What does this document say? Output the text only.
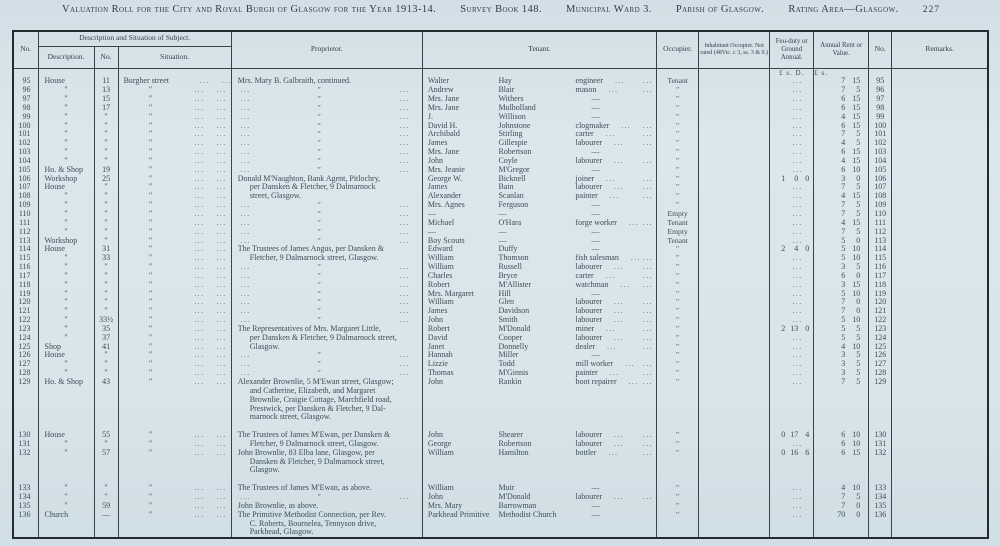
Valuation Roll for the City and Royal Burgh of Glasgow for the Year 1913-14. Survey Book 148. Municipal Ward 3. Parish of Glasgow. Rating Area—Glasgow.	227
No.	Description and Situation of Subject.			Proprietor.	Tenant.			Occupier.	Inhabitant Occupier. Not rated (48Vic. c 3, ss. 3 & 9.)	Feu-duty or Ground Annual.	Annual Rent or Value.	No.	Remarks.
	Description.	No.	Situation.										
										£ s. D.	£ s.		
95	House	11	Burgher street ... ...	Mrs. Mary B. Galbraith, continued.	Walter	Hay	engineer ... ...	Tenant		...	7 15	95	
96	″	13	″ ... ...	... ″ ...	Andrew	Blair	mason ... ...	″		...	7 5	96	
97	″	15	″ ... ...	... ″ ...	Mrs. Jane	Withers	—	″		...	6 15	97	
98	″	17	″ ... ...	... ″ ...	Mrs. Jane	Mulholland	—	″		...	6 15	98	
99	″	″	″ ... ...	... ″ ...	J.	Willison	—	″		...	4 15	99	
100	″	″	″ ... ...	... ″ ...	David H.	Johnstone	clogmaker ... ...	″		...	6 15	100	
101	″	″	″ ... ...	... ″ ...	Archibald	Stirling	carter ... ...	″		...	7 5	101	
102	″	″	″ ... ...	... ″ ...	James	Gillespie	labourer ... ...	″		...	4 5	102	
103	″	″	″ ... ...	... ″ ...	Mrs. Jane	Robertson	—	″		...	6 15	103	
104	″	″	″ ... ...	... ″ ...	John	Coyle	labourer ... ...	″		...	4 15	104	
105	Ho. & Shop	19	″ ... ...	... ″ ...	Mrs. Jeanie	M'Gregor	—	″		...	6 10	105	
106	Workshop	25	″ ... ...	Donald M'Naughton, Bank Agent, Pitlochry,	George W.	Bicknell	joiner ... ...	″		1 0 0	3 0	106	
107	House	″	″ ... ...	per Dansken & Fletcher, 9 Dalmarnock	James	Bain	labourer ... ...	″		...	7 5	107	
108	″	″	″ ... ...	street, Glasgow.	Alexander	Scanlan	painter ... ...	″		...	4 15	108	
109	″	″	″ ... ...	... ″ ...	Mrs. Agnes	Ferguson	—	″		...	7 5	109	
110	″	″	″ ... ...	... ″ ...	—	—	—	Empty		...	7 5	110	
111	″	″	″ ... ...	... ″ ...	Michael	O'Hara	forge worker ... ...	Tenant		...	4 15	111	
112	″	″	″ ... ...	... ″ ...	—	—	—	Empty		...	7 5	112	
113	Workshop	″	″ ... ...	... ″ ...	Boy Scouts	—	—	Tenant		...	5 0	113	
114	House	31	″ ... ...	The Trustees of James Angus, per Dansken &	Edward	Duffy	—	″		2 4 0	5 10	114	
115	″	33	″ ... ...	Fletcher, 9 Dalmarnock street, Glasgow.	William	Thomson	fish salesman ... ...	″		...	5 10	115	
116	″	″	″ ... ...	... ″ ...	William	Russell	labourer ... ...	″		...	3 5	116	
117	″	″	″ ... ...	... ″ ...	Charles	Bryce	carter ... ...	″		...	6 0	117	
118	″	″	″ ... ...	... ″ ...	Robert	M'Allister	watchman ... ...	″		...	3 15	118	
119	″	″	″ ... ...	... ″ ...	Mrs. Margaret	Hill	—	″		...	5 10	119	
120	″	″	″ ... ...	... ″ ...	William	Glen	labourer ... ...	″		...	7 0	120	
121	″	″	″ ... ...	... ″ ...	James	Davidson	labourer ... ...	″		...	7 0	121	
122	″	33½	″ ... ...	... ″ ...	John	Smith	labourer ... ...	″		...	5 10	122	
123	″	35	″ ... ...	The Representatives of Mrs. Margaret Little,	Robert	M'Donald	miner ... ...	″		2 13 0	5 5	123	
124	″	37	″ ... ...	per Dansken & Fletcher, 9 Dalmarnock street,	David	Cooper	labourer ... ...	″		...	5 5	124	
125	Shop	41	″ ... ...	Glasgow.	Janet	Donnelly	dealer ... ...	″		...	4 10	125	
126	House	″	″ ... ...	... ″ ...	Hannah	Miller	—	″		...	3 5	126	
127	″	″	″ ... ...	... ″ ...	Lizzie	Todd	mill worker ... ...	″		...	3 5	127	
128	″	″	″ ... ...	... ″ ...	Thomas	M'Ginnis	painter ... ...	″		...	3 5	128	
129	Ho. & Shop	43	″ ... ...	Alexander Brownlie, 5 M'Ewan street, Glasgow;	John	Rankin	boot repairer ... ...	″		...	7 5	129	

				and Catherine, Elizabeth, and Margaret									

				Brownlie, Craigie Cottage, Marchfield road,									

				Prestwick, per Dansken & Fletcher, 9 Dal-									

				marnock street, Glasgow.									

130	House	55	″ ... ...	The Trustees of James M'Ewan, per Dansken &	John	Shearer	labourer ... ...	″		0 17 4	6 10	130	
131	″	″	″ ... ...	Fletcher, 9 Dalmarnock street, Glasgow.	George	Robertson	labourer ... ...	″		...	6 10	131	
132	″	57	″ ... ...	John Brownlie, 83 Elba lane, Glasgow, per	William	Hamilton	bottler ... ...	″		0 16 6	6 15	132	

				Dansken & Fletcher, 9 Dalmarnock street,									

				Glasgow.									

133	″	″	″ ... ...	The Trustees of James M'Ewan, as above.	William	Muir	—	″		...	4 10	133	
134	″	″	″ ... ...	... ″ ...	John	M'Donald	labourer ... ...	″		...	7 5	134	
135	″	59	″ ... ...	John Brownlie, as above.	Mrs. Mary	Barrowman	—	″		...	7 0	135	
136	Church	—	″ ... ...	The Primitive Methodist Connection, per Rev.	Parkhead Primitive	Methodist Church	—	″		...	70 0	136	

				C. Roberts, Bournelea, Tennyson drive,									

				Parkhead, Glasgow.									
